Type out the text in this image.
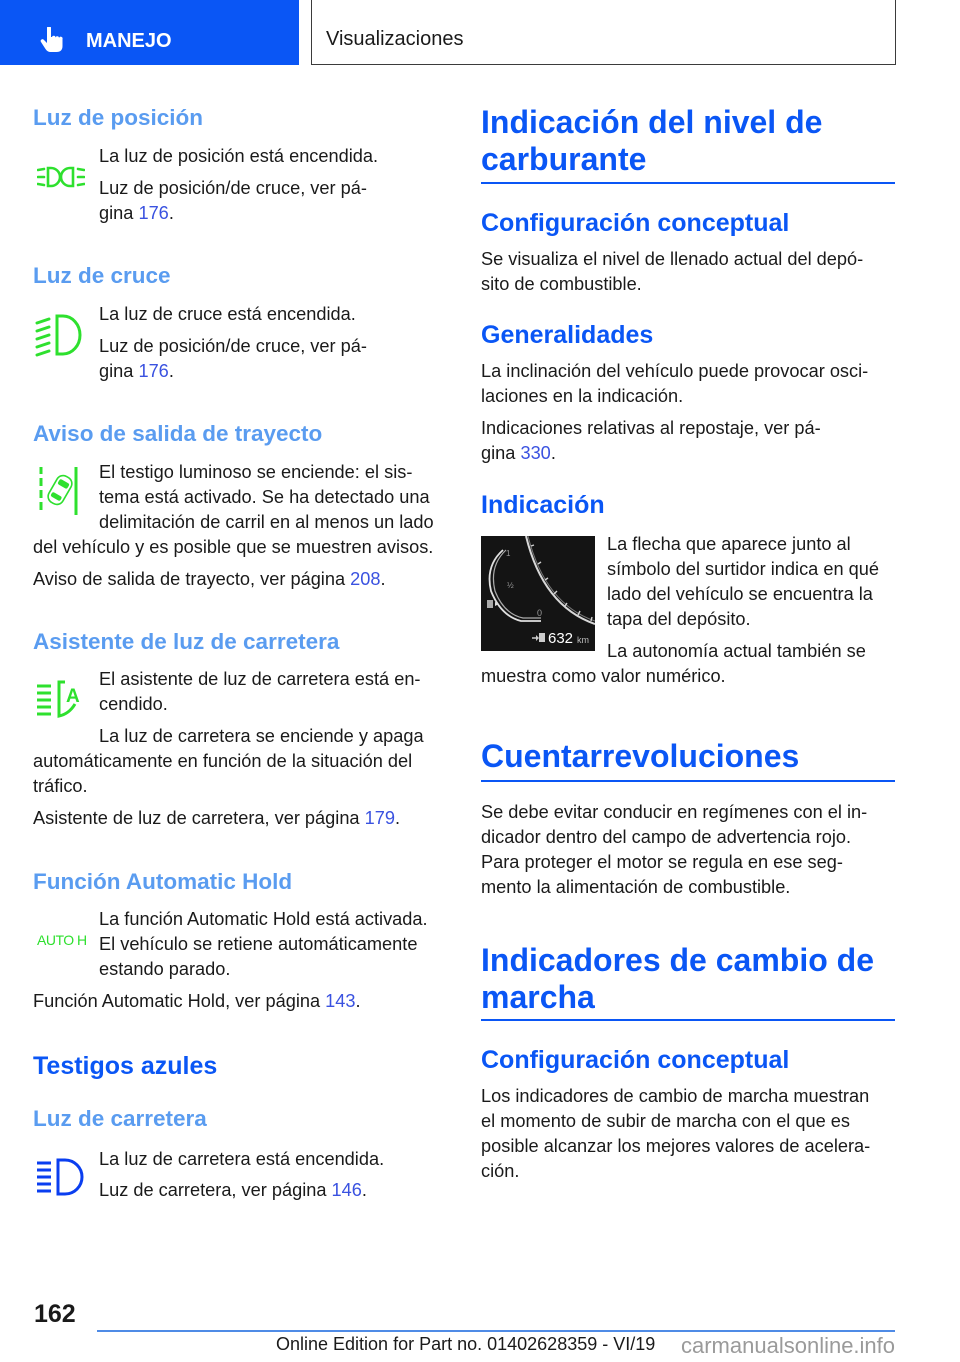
MANEJO	Visualizaciones
Luz de posición
La luz de posición está encendida.
Luz de posición/de cruce, ver pá-
gina 176.
Luz de cruce
La luz de cruce está encendida.
Luz de posición/de cruce, ver pá-
gina 176.
Aviso de salida de trayecto
El testigo luminoso se enciende: el sis-
tema está activado. Se ha detectado una
delimitación de carril en al menos un lado
del vehículo y es posible que se muestren avisos.
Aviso de salida de trayecto, ver página 208.
Asistente de luz de carretera
A
El asistente de luz de carretera está en-
cendido.
La luz de carretera se enciende y apaga
automáticamente en función de la situación del
tráfico.
Asistente de luz de carretera, ver página 179.
Función Automatic Hold
AUTO H
La función Automatic Hold está activada.
El vehículo se retiene automáticamente
estando parado.
Función Automatic Hold, ver página 143.
Testigos azules
Luz de carretera
La luz de carretera está encendida.
Luz de carretera, ver página 146.
Indicación del nivel de
carburante
Configuración conceptual
Se visualiza el nivel de llenado actual del depó-
sito de combustible.
Generalidades
La inclinación del vehículo puede provocar osci-
laciones en la indicación.
Indicaciones relativas al repostaje, ver pá-
gina 330.
Indicación
1
½
0
632 km
La flecha que aparece junto al
símbolo del surtidor indica en qué
lado del vehículo se encuentra la
tapa del depósito.
La autonomía actual también se
muestra como valor numérico.
Cuentarrevoluciones
Se debe evitar conducir en regímenes con el in-
dicador dentro del campo de advertencia rojo.
Para proteger el motor se regula en ese seg-
mento la alimentación de combustible.
Indicadores de cambio de
marcha
Configuración conceptual
Los indicadores de cambio de marcha muestran
el momento de subir de marcha con el que es
posible alcanzar los mejores valores de acelera-
ción.
162
Online Edition for Part no. 01402628359 - VI/19 carmanualsonline.info
